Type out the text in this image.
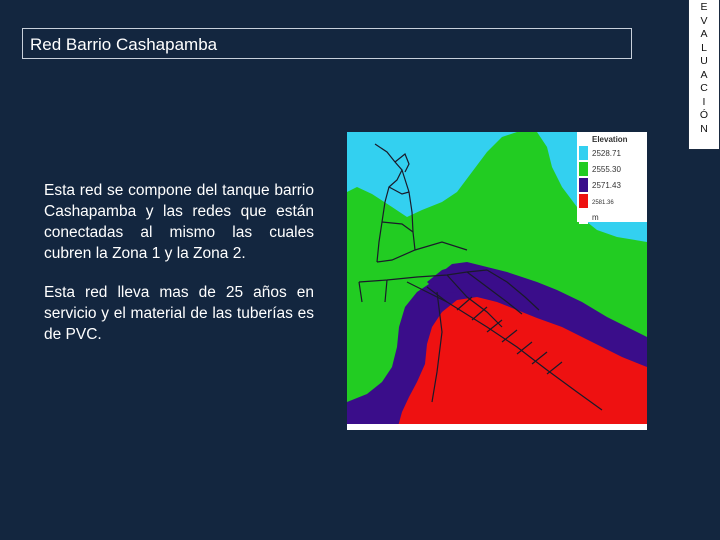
Red Barrio Cashapamba
E
V
A
L
U
A
C
I
Ó
N

Esta red se compone del tanque barrio Cashapamba y las redes que están conectadas al mismo las cuales cubren la Zona 1 y la Zona 2.

Esta red lleva mas de 25 años en servicio y el material de las tuberías es de PVC.

Elevation
2528.71
2555.30
2571.43
2581.36
m
